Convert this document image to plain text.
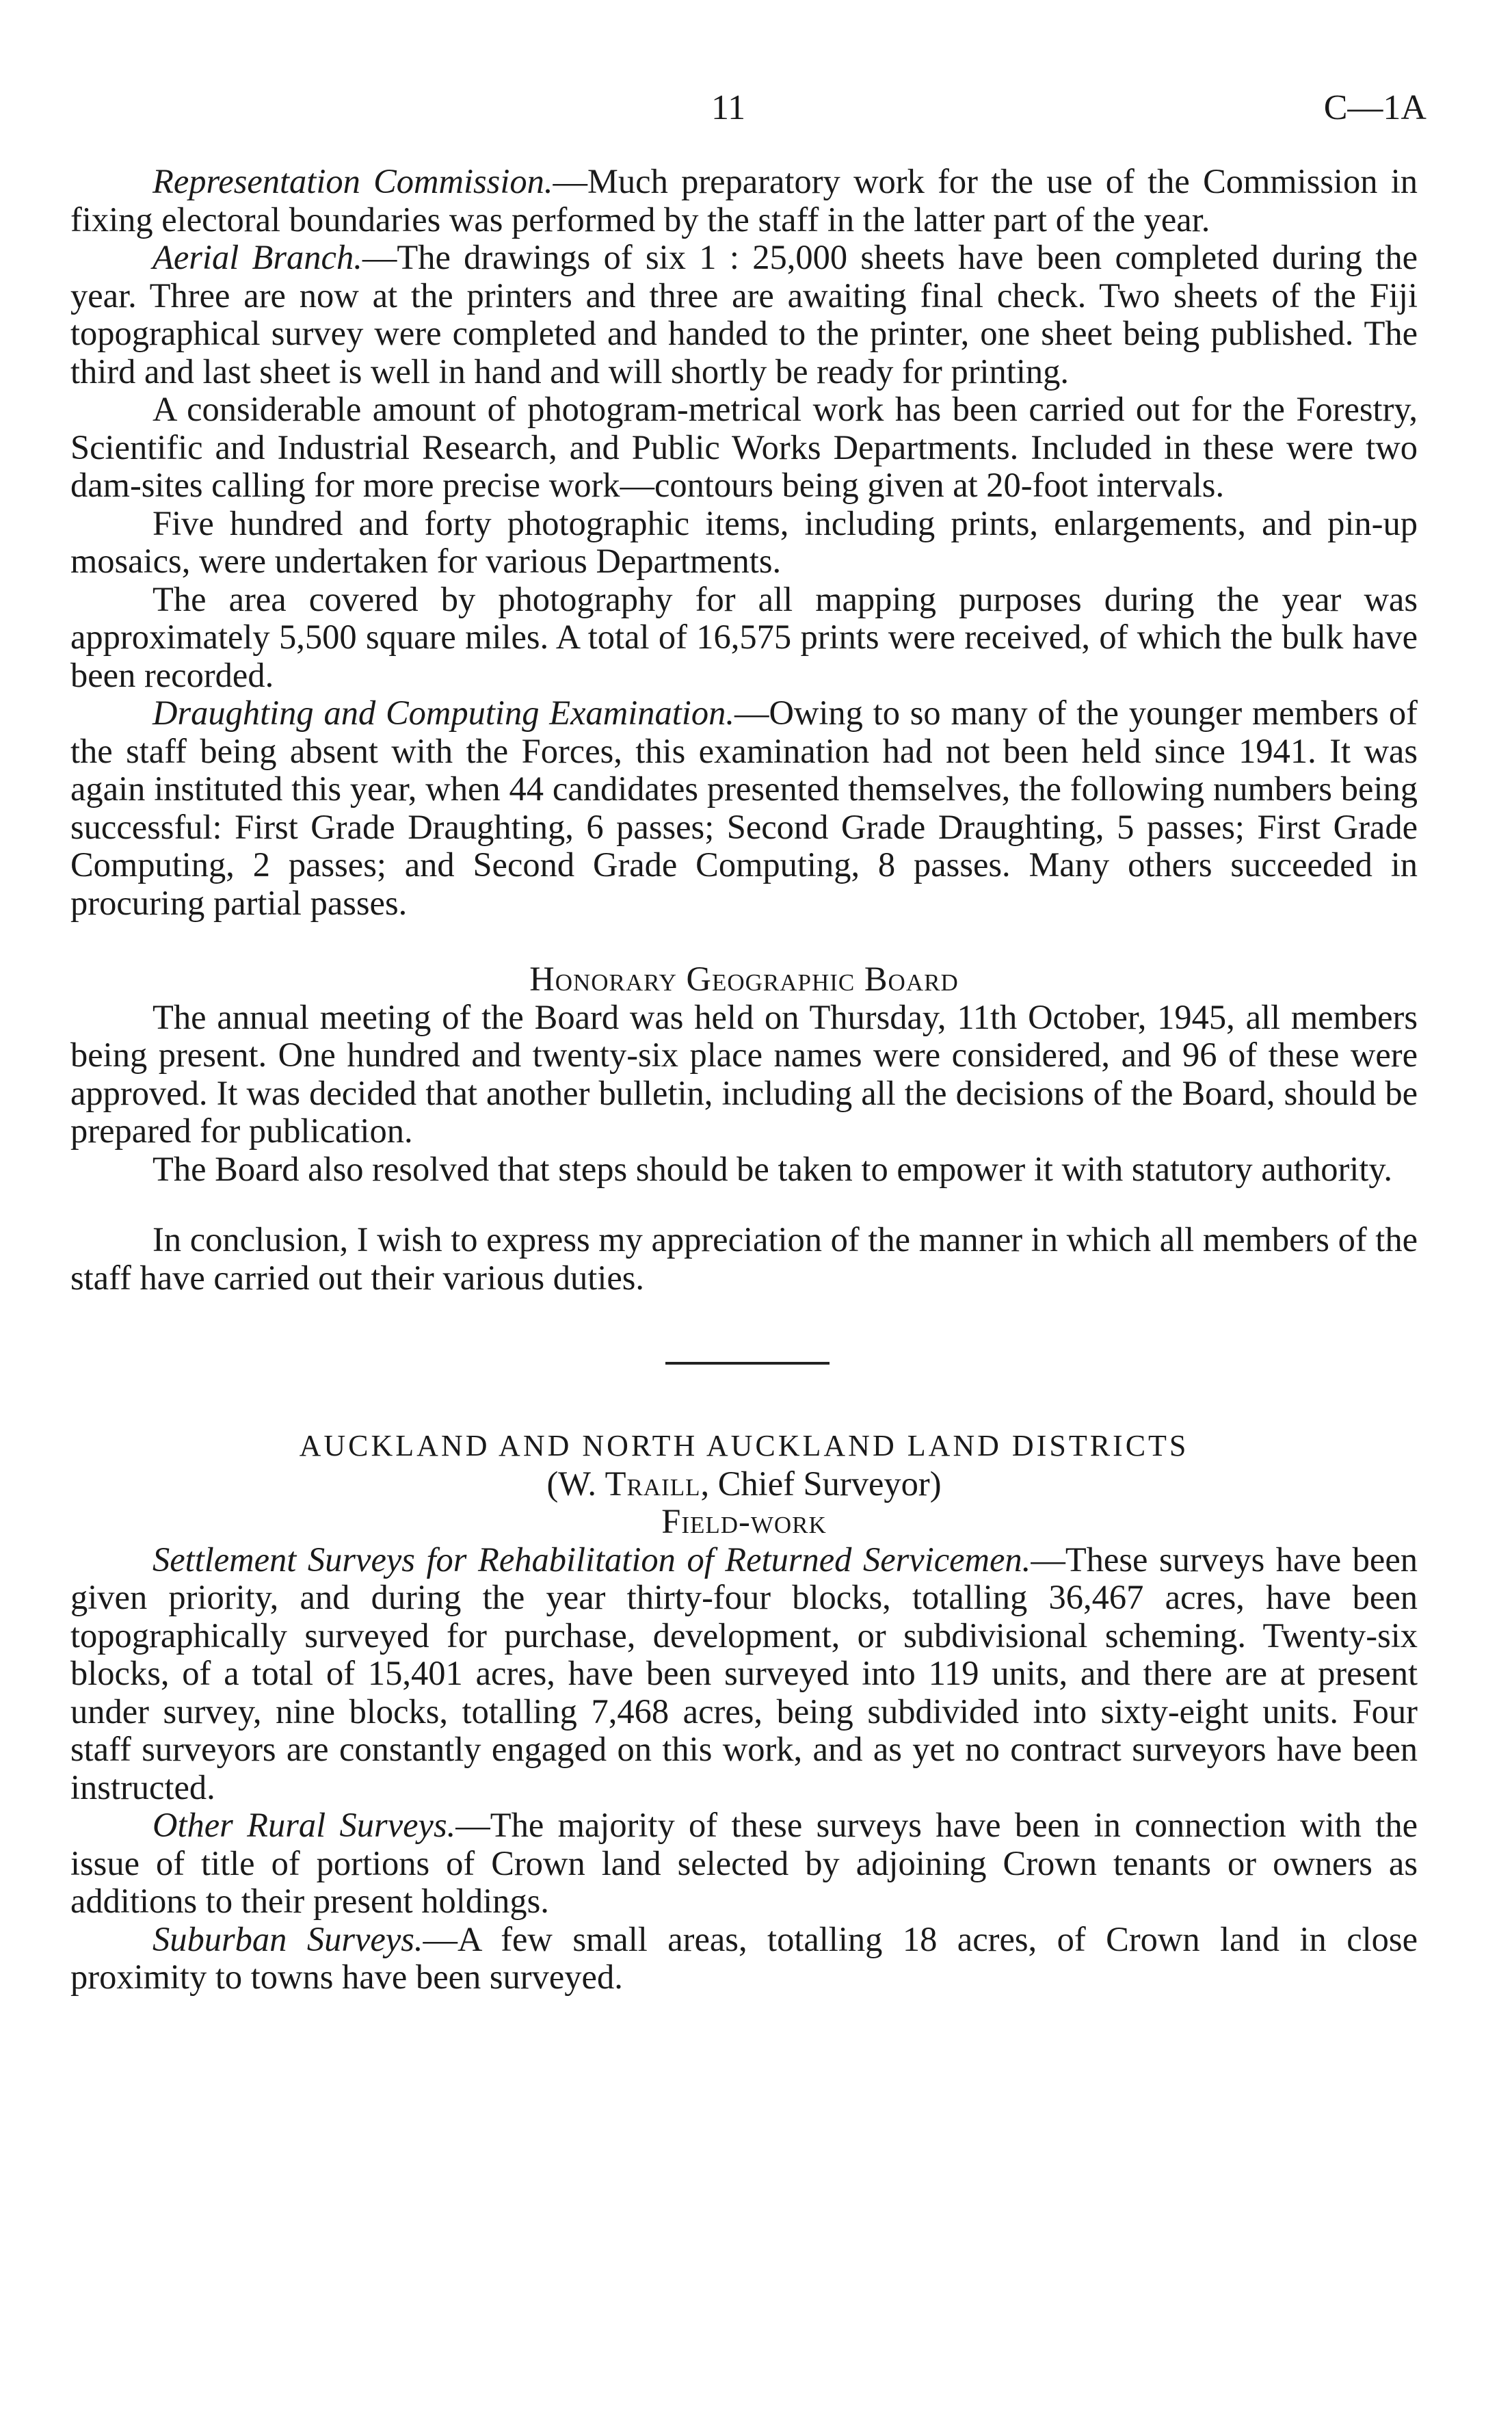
11	C—1A

Representation Commission.—Much preparatory work for the use of the Commission in fixing electoral boundaries was performed by the staff in the latter part of the year.

Aerial Branch.—The drawings of six 1 : 25,000 sheets have been completed during the year. Three are now at the printers and three are awaiting final check. Two sheets of the Fiji topographical survey were completed and handed to the printer, one sheet being published. The third and last sheet is well in hand and will shortly be ready for printing.

A considerable amount of photogram-metrical work has been carried out for the Forestry, Scientific and Industrial Research, and Public Works Departments. Included in these were two dam-sites calling for more precise work—contours being given at 20-foot intervals.

Five hundred and forty photographic items, including prints, enlargements, and pin-up mosaics, were undertaken for various Departments.

The area covered by photography for all mapping purposes during the year was approximately 5,500 square miles. A total of 16,575 prints were received, of which the bulk have been recorded.

Draughting and Computing Examination.—Owing to so many of the younger members of the staff being absent with the Forces, this examination had not been held since 1941. It was again instituted this year, when 44 candidates presented themselves, the following numbers being successful: First Grade Draughting, 6 passes; Second Grade Draughting, 5 passes; First Grade Computing, 2 passes; and Second Grade Computing, 8 passes. Many others succeeded in procuring partial passes.

Honorary Geographic Board

The annual meeting of the Board was held on Thursday, 11th October, 1945, all members being present. One hundred and twenty-six place names were considered, and 96 of these were approved. It was decided that another bulletin, including all the decisions of the Board, should be prepared for publication.

The Board also resolved that steps should be taken to empower it with statutory authority.

In conclusion, I wish to express my appreciation of the manner in which all members of the staff have carried out their various duties.

AUCKLAND AND NORTH AUCKLAND LAND DISTRICTS

(W. Traill, Chief Surveyor)

Field-work

Settlement Surveys for Rehabilitation of Returned Servicemen.—These surveys have been given priority, and during the year thirty-four blocks, totalling 36,467 acres, have been topographically surveyed for purchase, development, or subdivisional scheming. Twenty-six blocks, of a total of 15,401 acres, have been surveyed into 119 units, and there are at present under survey, nine blocks, totalling 7,468 acres, being subdivided into sixty-eight units. Four staff surveyors are constantly engaged on this work, and as yet no contract surveyors have been instructed.

Other Rural Surveys.—The majority of these surveys have been in connection with the issue of title of portions of Crown land selected by adjoining Crown tenants or owners as additions to their present holdings.

Suburban Surveys.—A few small areas, totalling 18 acres, of Crown land in close proximity to towns have been surveyed.
